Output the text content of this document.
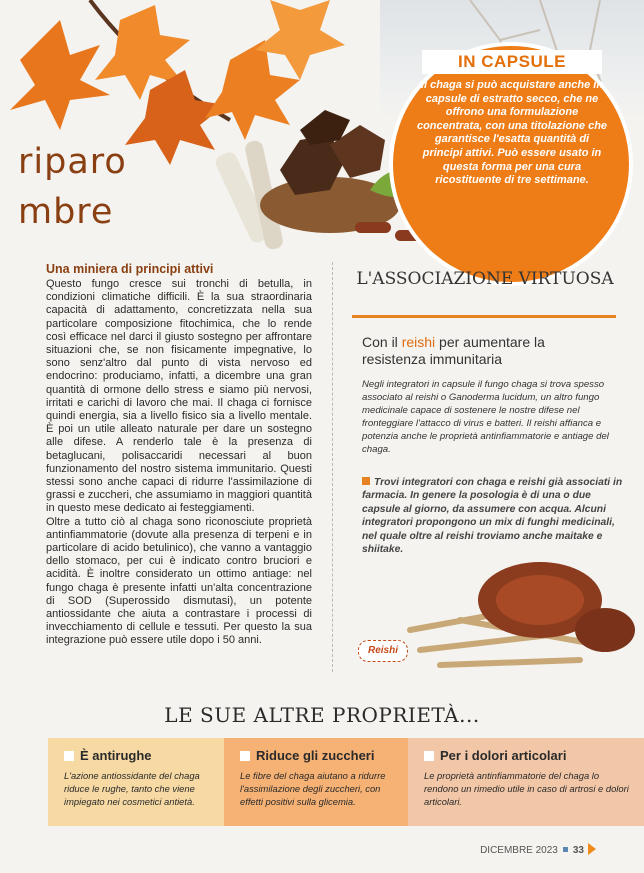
riparo
mbre
IN CAPSULE
Il chaga si può acquistare anche in capsule di estratto secco, che ne offrono una formulazione concentrata, con una titolazione che garantisce l'esatta quantità di principi attivi. Può essere usato in questa forma per una cura ricostituente di tre settimane.
Una miniera di principi attivi

Questo fungo cresce sui tronchi di betulla, in condizioni climatiche difficili. È la sua straordinaria capacità di adattamento, concretizzata nella sua particolare composizione fitochimica, che lo rende così efficace nel darci il giusto sostegno per affrontare situazioni che, se non fisicamente impegnative, lo sono senz'altro dal punto di vista nervoso ed endocrino: produciamo, infatti, a dicembre una gran quantità di ormone dello stress e siamo più nervosi, irritati e carichi di lavoro che mai. Il chaga ci fornisce quindi energia, sia a livello fisico sia a livello mentale. È poi un utile alleato naturale per dare un sostegno alle difese. A renderlo tale è la presenza di betaglucani, polisaccaridi necessari al buon funzionamento del nostro sistema immunitario. Questi stessi sono anche capaci di ridurre l'assimilazione di grassi e zuccheri, che assumiamo in maggiori quantità in questo mese dedicato ai festeggiamenti.

Oltre a tutto ciò al chaga sono riconosciute proprietà antinfiammatorie (dovute alla presenza di terpeni e in particolare di acido betulinico), che vanno a vantaggio dello stomaco, per cui è indicato contro bruciori e acidità. È inoltre considerato un ottimo antiage: nel fungo chaga è presente infatti un'alta concentrazione di SOD (Superossido dismutasi), un potente antiossidante che aiuta a contrastare i processi di invecchiamento di cellule e tessuti. Per questo la sua integrazione può essere utile dopo i 50 anni.

L'ASSOCIAZIONE VIRTUOSA
Con il reishi per aumentare la resistenza immunitaria
Negli integratori in capsule il fungo chaga si trova spesso associato al reishi o Ganoderma lucidum, un altro fungo medicinale capace di sostenere le nostre difese nel fronteggiare l'attacco di virus e batteri. Il reishi affianca e potenzia anche le proprietà antinfiammatorie e antiage del chaga.
Trovi integratori con chaga e reishi già associati in farmacia. In genere la posologia è di una o due capsule al giorno, da assumere con acqua. Alcuni integratori propongono un mix di funghi medicinali, nel quale oltre al reishi troviamo anche maitake e shiitake.
Reishi
LE SUE ALTRE PROPRIETÀ...
È antirughe
L'azione antiossidante del chaga riduce le rughe, tanto che viene impiegato nei cosmetici antietà.
Riduce gli zuccheri
Le fibre del chaga aiutano a ridurre l'assimilazione degli zuccheri, con effetti positivi sulla glicemia.
Per i dolori articolari
Le proprietà antinfiammatorie del chaga lo rendono un rimedio utile in caso di artrosi e dolori articolari.
DICEMBRE 2023 33
